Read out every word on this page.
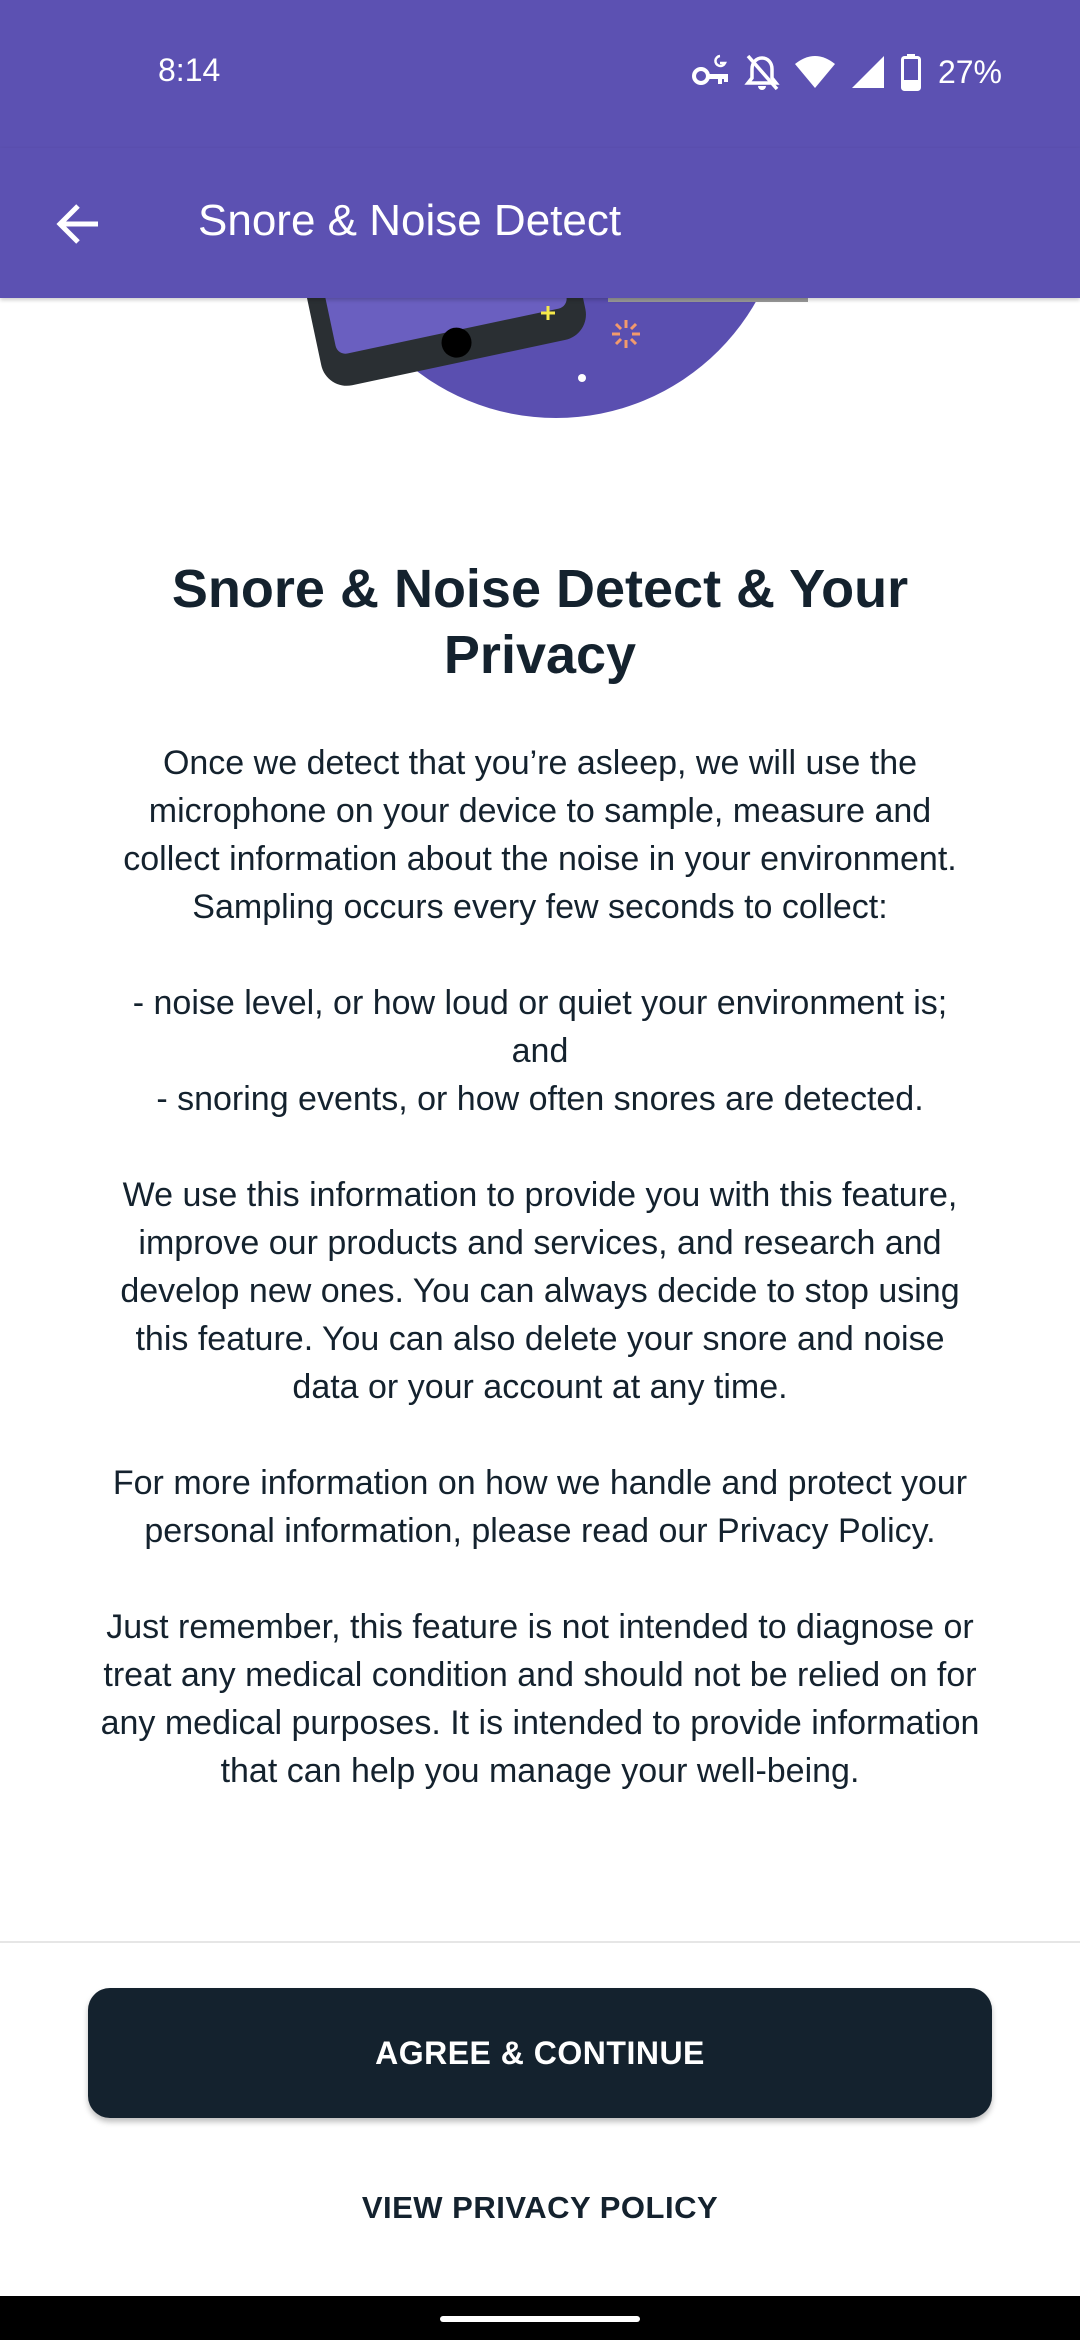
8:14	27%
Snore & Noise Detect
Snore & Noise Detect & Your Privacy

Once we detect that you’re asleep, we will use the microphone on your device to sample, measure and collect information about the noise in your environment. Sampling occurs every few seconds to collect:

- noise level, or how loud or quiet your environment is; and
- snoring events, or how often snores are detected.

We use this information to provide you with this feature, improve our products and services, and research and develop new ones. You can always decide to stop using this feature. You can also delete your snore and noise data or your account at any time.

For more information on how we handle and protect your personal information, please read our Privacy Policy.

Just remember, this feature is not intended to diagnose or treat any medical condition and should not be relied on for any medical purposes. It is intended to provide information that can help you manage your well-being.

AGREE & CONTINUE
VIEW PRIVACY POLICY
